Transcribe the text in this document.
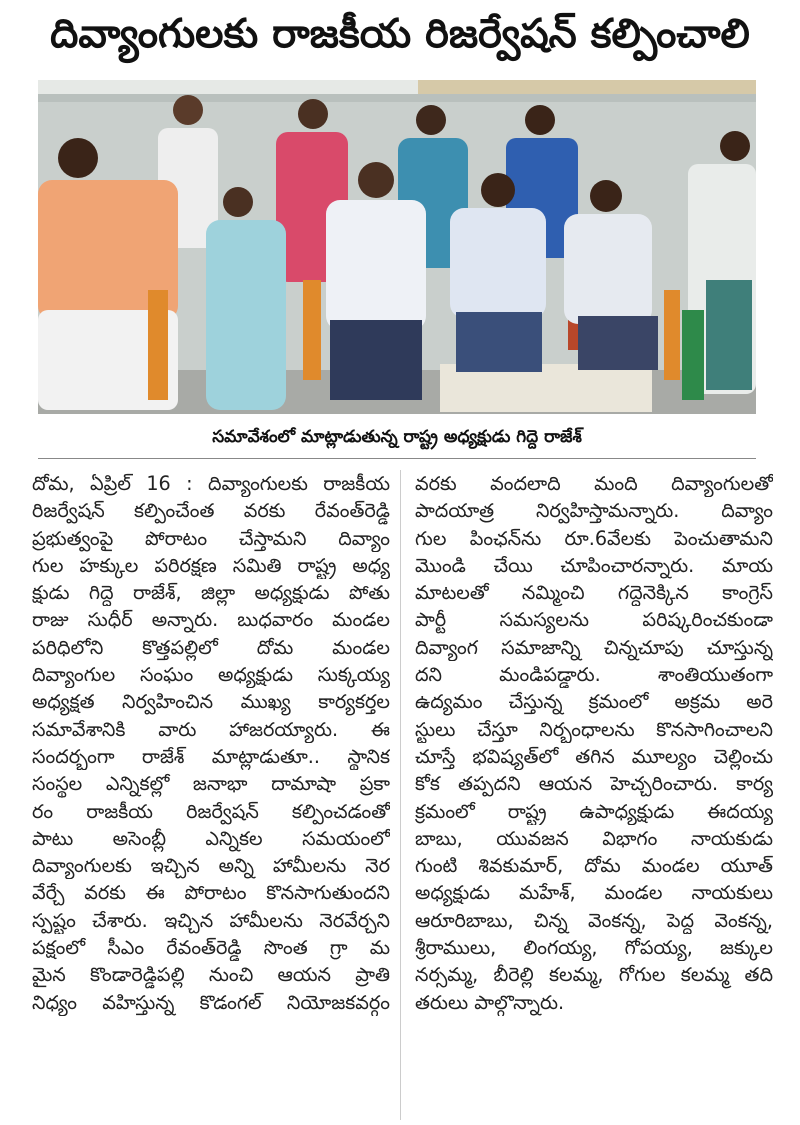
దివ్యాంగులకు రాజకీయ రిజర్వేషన్ కల్పించాలి
సమావేశంలో మాట్లాడుతున్న రాష్ట్ర అధ్యక్షుడు గిద్దె రాజేశ్
దోమ, ఏప్రిల్ 16 : దివ్యాంగులకు రాజకీయ
రిజర్వేషన్ కల్పించేంత వరకు రేవంత్‌రెడ్డి
ప్రభుత్వంపై పోరాటం చేస్తామని దివ్యాం
గుల హక్కుల పరిరక్షణ సమితి రాష్ట్ర అధ్య
క్షుడు గిద్దె రాజేశ్, జిల్లా అధ్యక్షుడు పోతు
రాజు సుధీర్ అన్నారు. బుధవారం మండల
పరిధిలోని కొత్తపల్లిలో దోమ మండల
దివ్యాంగుల సంఘం అధ్యక్షుడు సుక్కయ్య
అధ్యక్షత నిర్వహించిన ముఖ్య కార్యకర్తల
సమావేశానికి వారు హాజరయ్యారు. ఈ
సందర్భంగా రాజేశ్ మాట్లాడుతూ.. స్థానిక
సంస్థల ఎన్నికల్లో జనాభా దామాషా ప్రకా
రం రాజకీయ రిజర్వేషన్ కల్పించడంతో
పాటు అసెంబ్లీ ఎన్నికల సమయంలో
దివ్యాంగులకు ఇచ్చిన అన్ని హామీలను నెర
వేర్చే వరకు ఈ పోరాటం కొనసాగుతుందని
స్పష్టం చేశారు. ఇచ్చిన హామీలను నెరవేర్చని
పక్షంలో సీఎం రేవంత్‌రెడ్డి సొంత గ్రా మ
మైన కొండారెడ్డిపల్లి నుంచి ఆయన ప్రాతి
నిధ్యం వహిస్తున్న కొడంగల్ నియోజకవర్గం
వరకు వందలాది మంది దివ్యాంగులతో
పాదయాత్ర నిర్వహిస్తామన్నారు. దివ్యాం
గుల పింఛన్‌ను రూ.6వేలకు పెంచుతామని
మొండి చేయి చూపించారన్నారు. మాయ
మాటలతో నమ్మించి గద్దెనెక్కిన కాంగ్రెస్
పార్టీ సమస్యలను పరిష్కరించకుండా
దివ్యాంగ సమాజాన్ని చిన్నచూపు చూస్తున్న
దని మండిపడ్డారు. శాంతియుతంగా
ఉద్యమం చేస్తున్న క్రమంలో అక్రమ అరె
స్టులు చేస్తూ నిర్బంధాలను కొనసాగించాలని
చూస్తే భవిష్యత్‌లో తగిన మూల్యం చెల్లించు
కోక తప్పదని ఆయన హెచ్చరించారు. కార్య
క్రమంలో రాష్ట్ర ఉపాధ్యక్షుడు ఈదయ్య
బాబు, యువజన విభాగం నాయకుడు
గుంటి శివకుమార్, దోమ మండల యూత్
అధ్యక్షుడు మహేశ్, మండల నాయకులు
ఆరూరిబాబు, చిన్న వెంకన్న, పెద్ద వెంకన్న,
శ్రీరాములు, లింగయ్య, గోపయ్య, జక్కుల
నర్సమ్మ, బీరెల్లి కలమ్మ, గోగుల కలమ్మ తది
తరులు పాల్గొన్నారు.
